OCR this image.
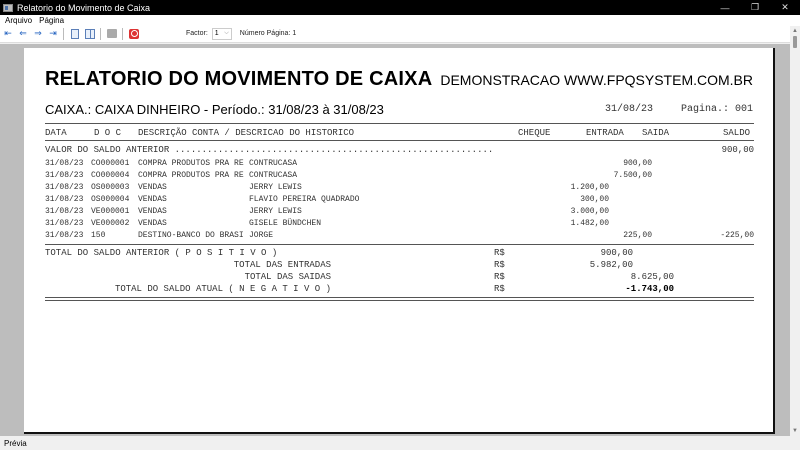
Relatorio do Movimento de Caixa	—	❐	✕
Arquivo Página
⇤ ⇐ ⇒ ⇥	Factor: 1 ⌵ Número Página: 1
RELATORIO DO MOVIMENTO DE CAIXA DEMONSTRACAO WWW.FPQSYSTEM.COM.BR
CAIXA.: CAIXA DINHEIRO - Período.: 31/08/23 à 31/08/23	31/08/23	Pagina.: 001
DATA	D O C DESCRIÇÃO CONTA / DESCRICAO DO HISTORICO	CHEQUE	ENTRADA SAIDA	SALDO
VALOR DO SALDO ANTERIOR ...........................................................	900,00
31/08/23 CO000001 COMPRA PRODUTOS PRA RE CONTRUCASA	900,00
31/08/23 CO000004 COMPRA PRODUTOS PRA RE CONTRUCASA	7.500,00
31/08/23 OS000003 VENDAS	JERRY LEWIS	1.200,00
31/08/23 OS000004 VENDAS	FLAVIO PEREIRA QUADRADO	300,00
31/08/23 VE000001 VENDAS	JERRY LEWIS	3.000,00
31/08/23 VE000002 VENDAS	GISELE BÜNDCHEN	1.482,00
31/08/23 150	DESTINO-BANCO DO BRASI JORGE	225,00	-225,00
TOTAL DO SALDO ANTERIOR ( P O S I T I V O )	R$	900,00
TOTAL DAS ENTRADAS	R$	5.982,00
TOTAL DAS SAIDAS	R$	8.625,00
TOTAL DO SALDO ATUAL ( N E G A T I V O )	R$	-1.743,00
▲
▼
Prévia
